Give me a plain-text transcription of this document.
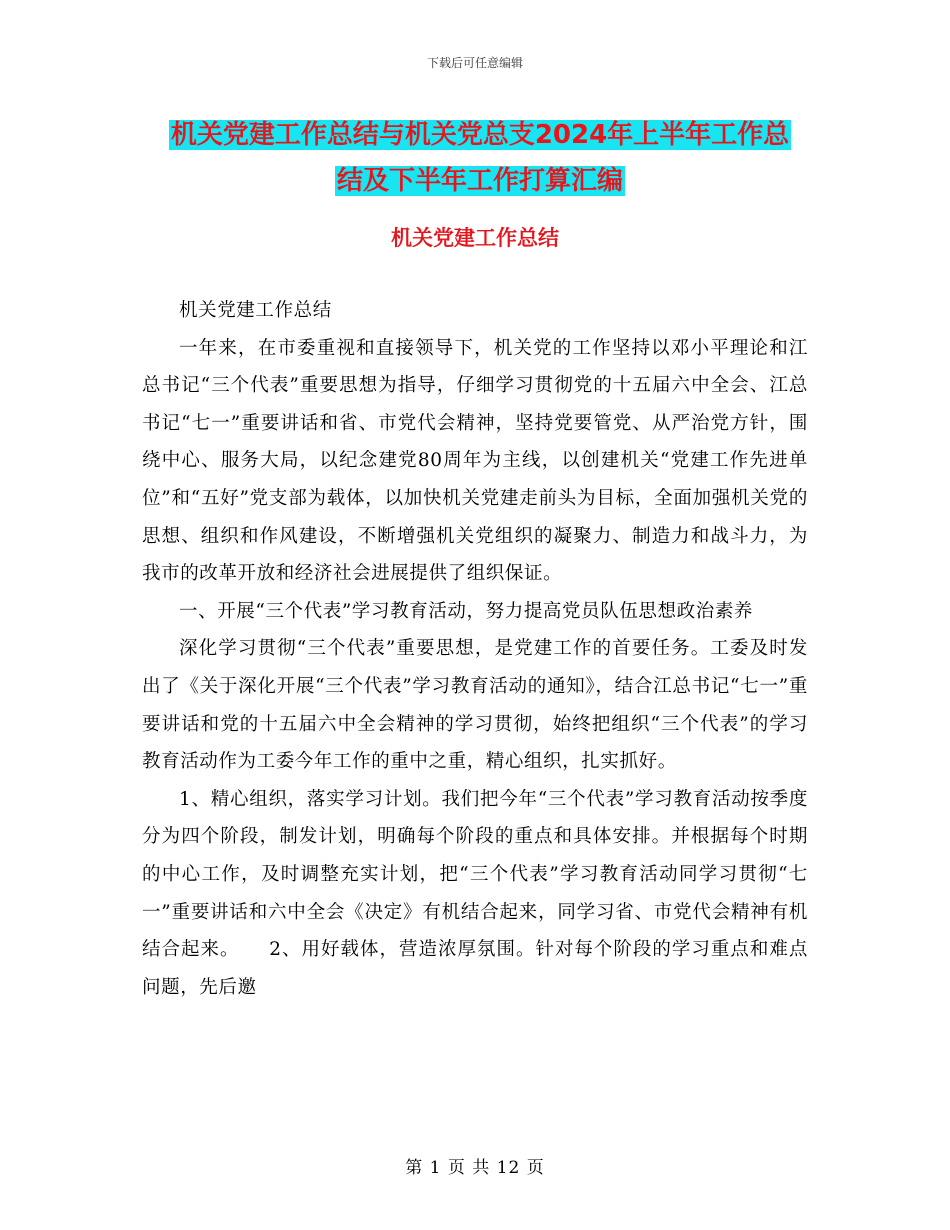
下载后可任意编辑
机关党建工作总结与机关党总支2024年上半年工作总
结及下半年工作打算汇编
机关党建工作总结

机关党建工作总结

一年来，在市委重视和直接领导下，机关党的工作坚持以邓小平理论和江总书记“三个代表”重要思想为指导，仔细学习贯彻党的十五届六中全会、江总书记“七一”重要讲话和省、市党代会精神，坚持党要管党、从严治党方针，围绕中心、服务大局，以纪念建党80周年为主线，以创建机关“党建工作先进单位”和“五好”党支部为载体，以加快机关党建走前头为目标，全面加强机关党的思想、组织和作风建设，不断增强机关党组织的凝聚力、制造力和战斗力，为我市的改革开放和经济社会进展提供了组织保证。

一、开展“三个代表”学习教育活动，努力提高党员队伍思想政治素养

深化学习贯彻“三个代表”重要思想，是党建工作的首要任务。工委及时发出了《关于深化开展“三个代表”学习教育活动的通知》，结合江总书记“七一”重要讲话和党的十五届六中全会精神的学习贯彻，始终把组织“三个代表”的学习教育活动作为工委今年工作的重中之重，精心组织，扎实抓好。

1、精心组织，落实学习计划。我们把今年“三个代表”学习教育活动按季度分为四个阶段，制发计划，明确每个阶段的重点和具体安排。并根据每个时期的中心工作，及时调整充实计划，把“三个代表”学习教育活动同学习贯彻“七一”重要讲话和六中全会《决定》有机结合起来，同学习省、市党代会精神有机结合起来。　　2、用好载体，营造浓厚氛围。针对每个阶段的学习重点和难点问题，先后邀

第 1 页 共 12 页
